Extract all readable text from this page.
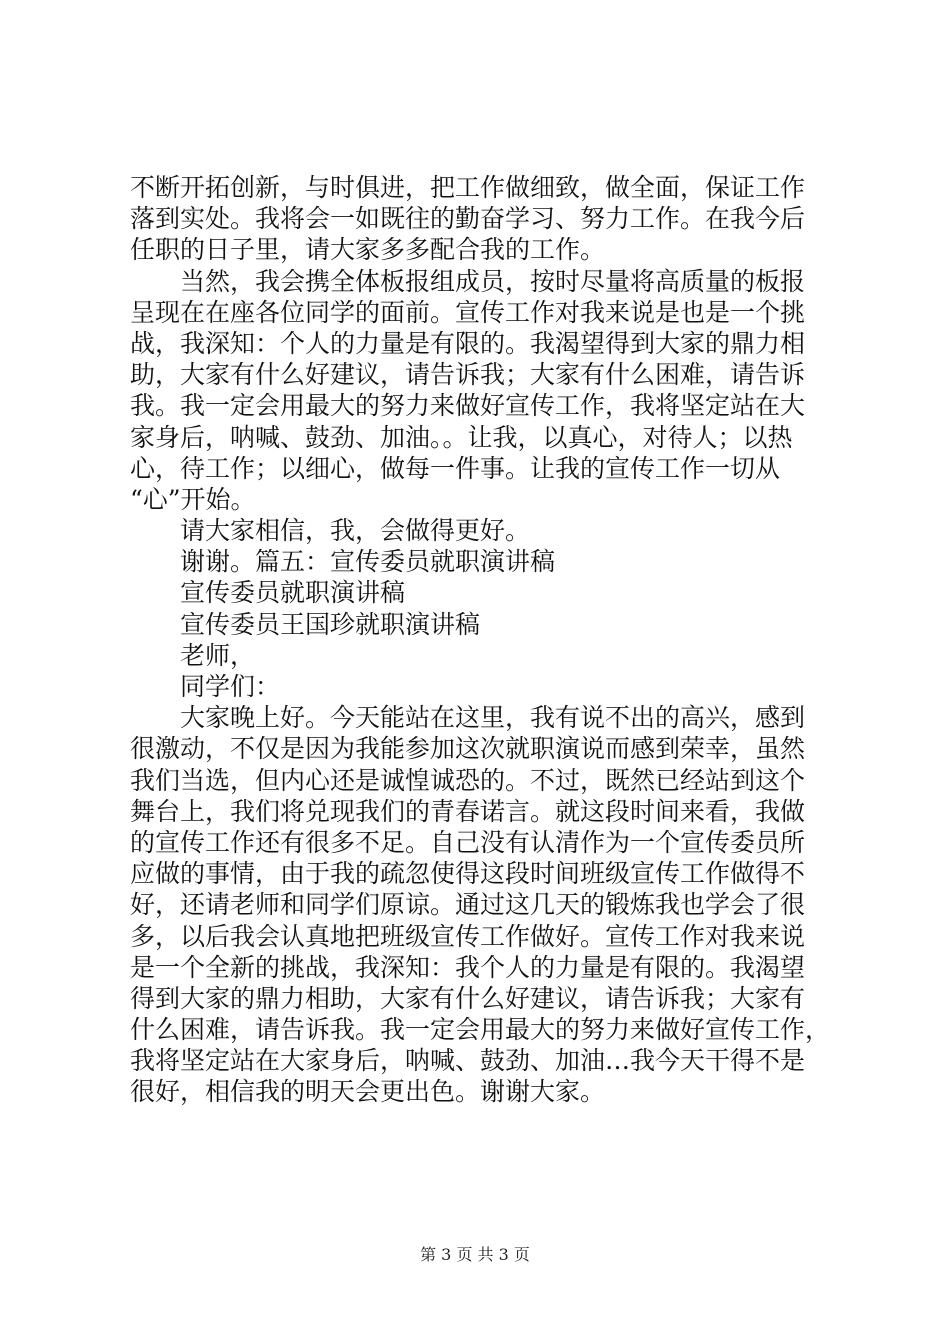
不断开拓创新，与时俱进，把工作做细致，做全面，保证工作
落到实处。我将会一如既往的勤奋学习、努力工作。在我今后
任职的日子里，请大家多多配合我的工作。
当然，我会携全体板报组成员，按时尽量将高质量的板报
呈现在在座各位同学的面前。宣传工作对我来说是也是一个挑
战，我深知：个人的力量是有限的。我渴望得到大家的鼎力相
助，大家有什么好建议，请告诉我；大家有什么困难，请告诉
我。我一定会用最大的努力来做好宣传工作，我将坚定站在大
家身后，呐喊、鼓劲、加油。。让我，以真心，对待人；以热
心，待工作；以细心，做每一件事。让我的宣传工作一切从
“心”开始。
请大家相信，我，会做得更好。
谢谢。篇五：宣传委员就职演讲稿
宣传委员就职演讲稿
宣传委员王国珍就职演讲稿
老师，
同学们：
大家晚上好。今天能站在这里，我有说不出的高兴，感到
很激动，不仅是因为我能参加这次就职演说而感到荣幸，虽然
我们当选，但内心还是诚惶诚恐的。不过，既然已经站到这个
舞台上，我们将兑现我们的青春诺言。就这段时间来看，我做
的宣传工作还有很多不足。自己没有认清作为一个宣传委员所
应做的事情，由于我的疏忽使得这段时间班级宣传工作做得不
好，还请老师和同学们原谅。通过这几天的锻炼我也学会了很
多，以后我会认真地把班级宣传工作做好。宣传工作对我来说
是一个全新的挑战，我深知：我个人的力量是有限的。我渴望
得到大家的鼎力相助，大家有什么好建议，请告诉我；大家有
什么困难，请告诉我。我一定会用最大的努力来做好宣传工作，
我将坚定站在大家身后，呐喊、鼓劲、加油…我今天干得不是
很好，相信我的明天会更出色。谢谢大家。
第 3 页 共 3 页
